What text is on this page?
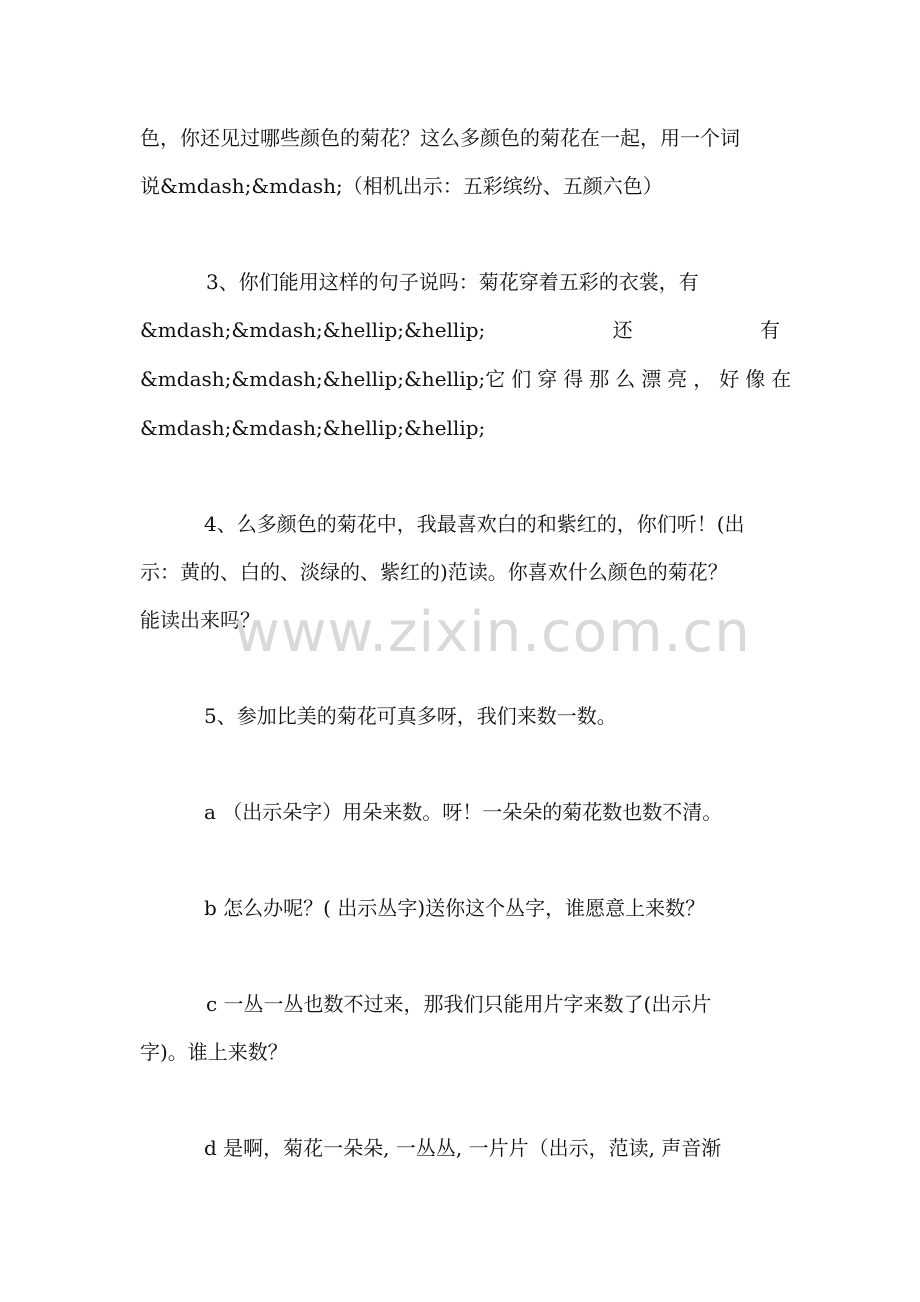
色，你还见过哪些颜色的菊花？这么多颜色的菊花在一起，用一个词
说&mdash;&mdash;（相机出示：五彩缤纷、五颜六色）
3、你们能用这样的句子说吗：菊花穿着五彩的衣裳，有
&mdash;&mdash;&hellip;&hellip;	还	有
&mdash;&mdash;&hellip;&hellip; 它们穿得那么漂亮，好像在
&mdash;&mdash;&hellip;&hellip;
4、么多颜色的菊花中，我最喜欢白的和紫红的，你们听！(出
示：黄的、白的、淡绿的、紫红的)范读。你喜欢什么颜色的菊花？
能读出来吗？
5、参加比美的菊花可真多呀，我们来数一数。
a （出示朵字）用朵来数。呀！一朵朵的菊花数也数不清。
b 怎么办呢？( 出示丛字)送你这个丛字，谁愿意上来数？
c 一丛一丛也数不过来，那我们只能用片字来数了(出示片
字)。谁上来数？
d 是啊，菊花一朵朵, 一丛丛, 一片片（出示，范读, 声音渐
www.zixin.com.cn
